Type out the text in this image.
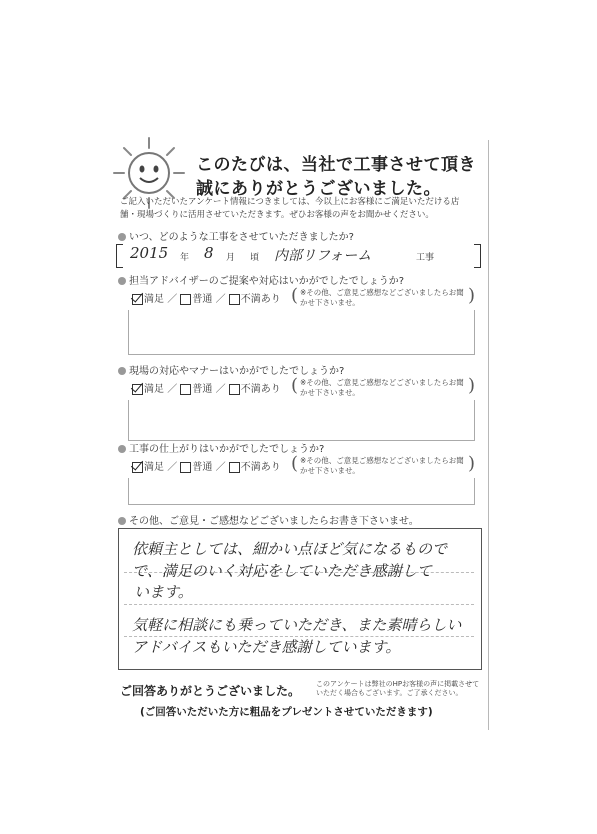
このたびは、当社で工事させて頂き
誠にありがとうございました。
ご記入いただいたアンケート情報につきましては、今以上にお客様にご満足いただける店舗・現場づくりに活用させていただきます。ぜひお客様の声をお聞かせください。
いつ、どのような工事をさせていただきましたか?
2015 年 8 月 頃 内部リフォーム	工事
担当アドバイザーのご提案や対応はいかがでしたでしょうか?
満足 ／ 普通 ／ 不満あり ( ※その他、ご意見ご感想などございましたらお聞かせ下さいませ。	)
現場の対応やマナーはいかがでしたでしょうか?
満足 ／ 普通 ／ 不満あり ( ※その他、ご意見ご感想などございましたらお聞かせ下さいませ。	)
工事の仕上がりはいかがでしたでしょうか?
満足 ／ 普通 ／ 不満あり ( ※その他、ご意見ご感想などございましたらお聞かせ下さいませ。	)
その他、ご意見・ご感想などございましたらお書き下さいませ。
依頼主としては、細かい点ほど気になるもので
で、満足のいく対応をしていただき感謝して
います。
気軽に相談にも乗っていただき、また素晴らしい
アドバイスもいただき感謝しています。
ご回答ありがとうございました。 このアンケートは弊社のHPお客様の声に掲載させていただく場合もございます。ご了承ください。
(ご回答いただいた方に粗品をプレゼントさせていただきます)
